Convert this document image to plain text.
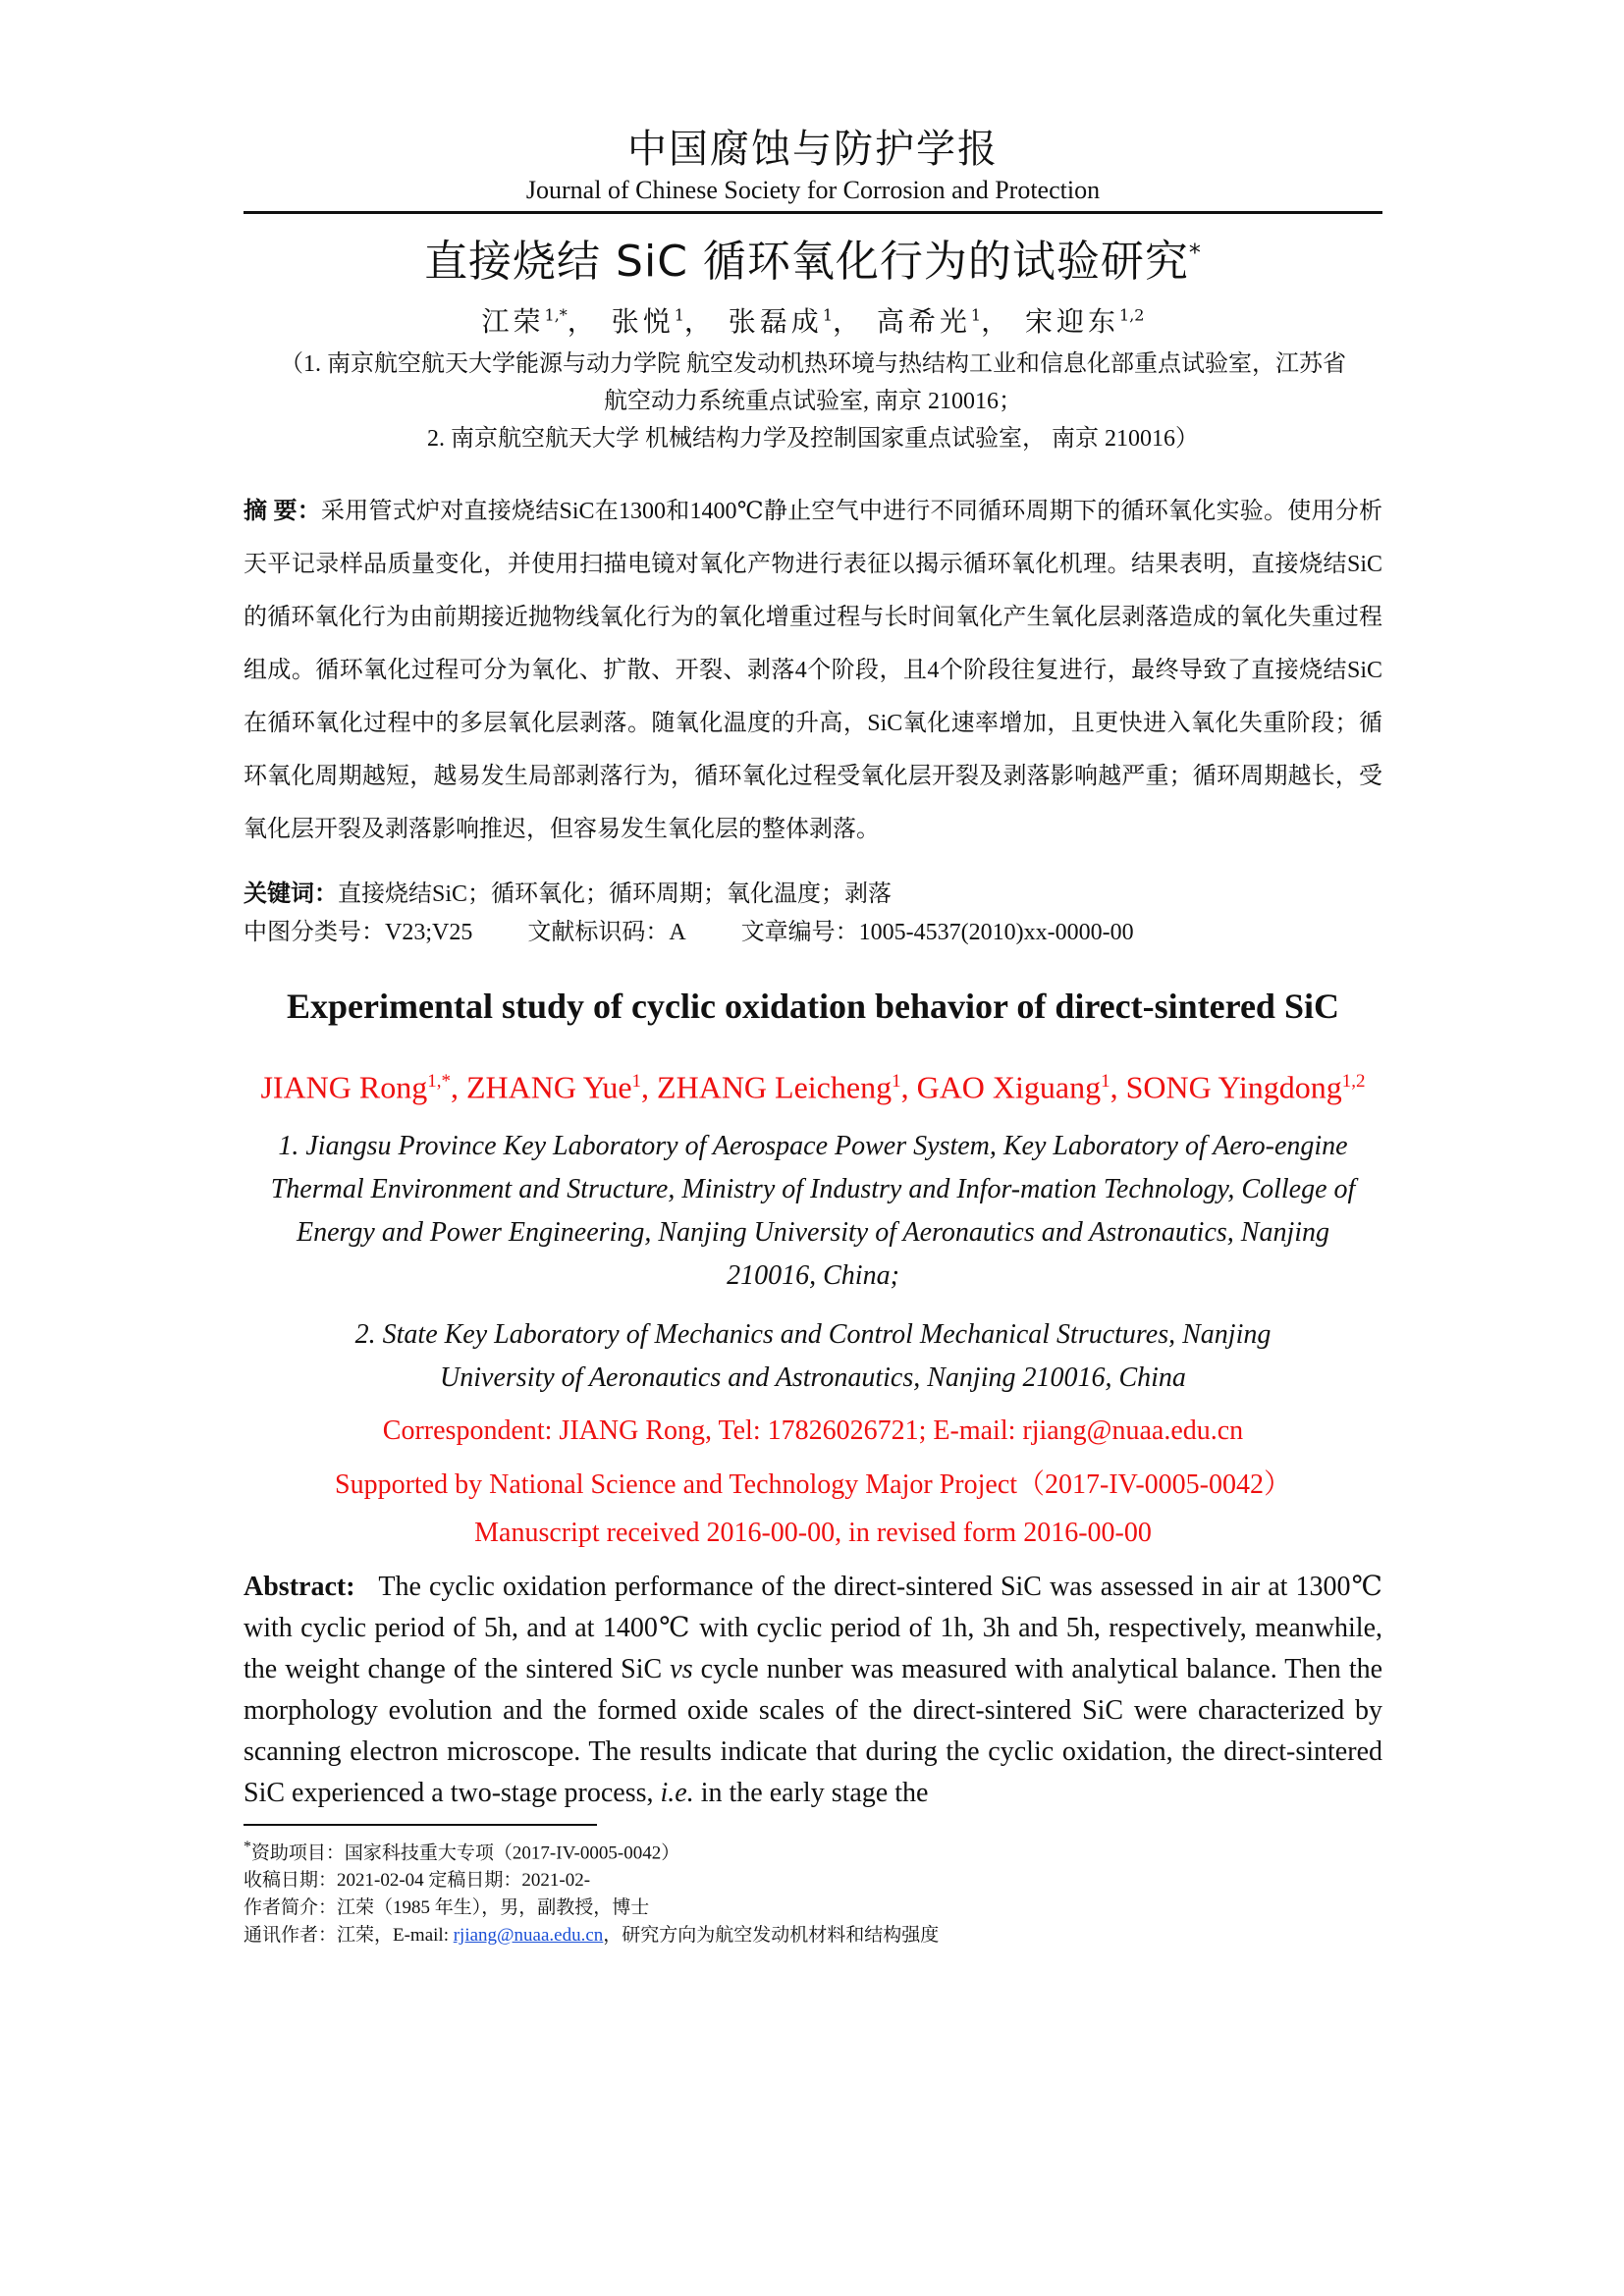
中国腐蚀与防护学报
Journal of Chinese Society for Corrosion and Protection
直接烧结 SiC 循环氧化行为的试验研究*
江荣$^{1,*}$， 张悦$^1$， 张磊成$^1$， 高希光$^1$， 宋迎东$^{1,2}$
（1. 南京航空航天大学能源与动力学院 航空发动机热环境与热结构工业和信息化部重点试验室，江苏省
航空动力系统重点试验室, 南京 210016；
2. 南京航空航天大学 机械结构力学及控制国家重点试验室， 南京 210016）
摘 要：采用管式炉对直接烧结SiC在1300和1400℃静止空气中进行不同循环周期下的循环氧化实验。使用分析天平记录样品质量变化，并使用扫描电镜对氧化产物进行表征以揭示循环氧化机理。结果表明，直接烧结SiC的循环氧化行为由前期接近抛物线氧化行为的氧化增重过程与长时间氧化产生氧化层剥落造成的氧化失重过程组成。循环氧化过程可分为氧化、扩散、开裂、剥落4个阶段，且4个阶段往复进行，最终导致了直接烧结SiC在循环氧化过程中的多层氧化层剥落。随氧化温度的升高，SiC氧化速率增加，且更快进入氧化失重阶段；循环氧化周期越短，越易发生局部剥落行为，循环氧化过程受氧化层开裂及剥落影响越严重；循环周期越长，受氧化层开裂及剥落影响推迟，但容易发生氧化层的整体剥落。
关键词：直接烧结SiC；循环氧化；循环周期；氧化温度；剥落
中图分类号：V23;V25 文献标识码：A 文章编号：1005-4537(2010)xx-0000-00
Experimental study of cyclic oxidation behavior of direct-sintered SiC
JIANG Rong$^{1,*}$, ZHANG Yue$^1$, ZHANG Leicheng$^1$, GAO Xiguang$^1$, SONG Yingdong$^{1,2}$
1. Jiangsu Province Key Laboratory of Aerospace Power System, Key Laboratory of Aero-engine Thermal Environment and Structure, Ministry of Industry and Infor-mation Technology, College of Energy and Power Engineering, Nanjing University of Aeronautics and Astronautics, Nanjing 210016, China;
2. State Key Laboratory of Mechanics and Control Mechanical Structures, Nanjing University of Aeronautics and Astronautics, Nanjing 210016, China
Correspondent: JIANG Rong, Tel: 17826026721; E-mail: rjiang@nuaa.edu.cn
Supported by National Science and Technology Major Project（2017-IV-0005-0042）
Manuscript received 2016-00-00, in revised form 2016-00-00
Abstract: The cyclic oxidation performance of the direct-sintered SiC was assessed in air at 1300℃ with cyclic period of 5h, and at 1400℃ with cyclic period of 1h, 3h and 5h, respectively, meanwhile, the weight change of the sintered SiC vs cycle nunber was measured with analytical balance. Then the morphology evolution and the formed oxide scales of the direct-sintered SiC were characterized by scanning electron microscope. The results indicate that during the cyclic oxidation, the direct-sintered SiC experienced a two-stage process, i.e. in the early stage the
*资助项目：国家科技重大专项（2017-IV-0005-0042）
收稿日期：2021-02-04 定稿日期：2021-02-
作者简介：江荣（1985 年生），男，副教授，博士
通讯作者：江荣，E-mail: rjiang@nuaa.edu.cn，研究方向为航空发动机材料和结构强度
